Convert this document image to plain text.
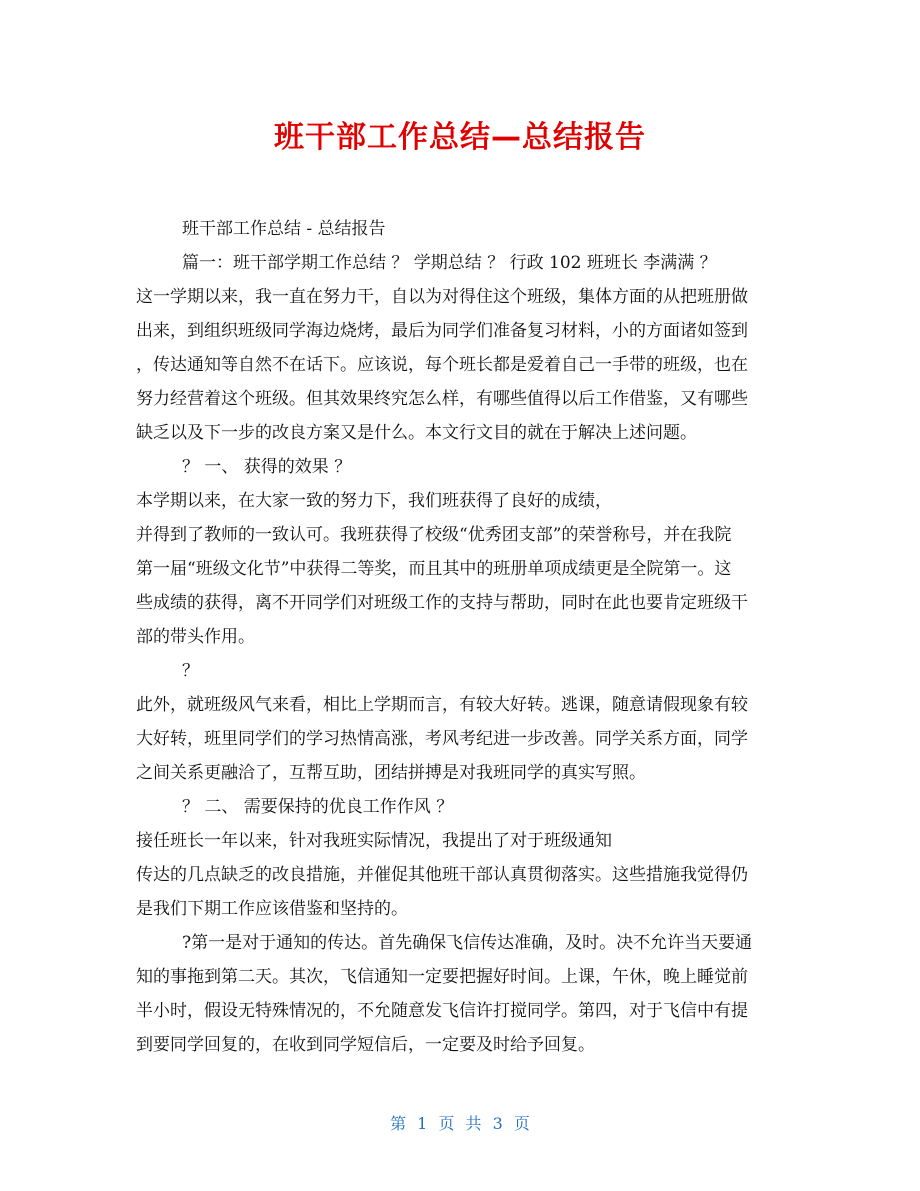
班干部工作总结—总结报告
班干部工作总结 - 总结报告
篇一：班干部学期工作总结 ？ 学期总结 ？ 行政 102 班班长 李满满 ？
这一学期以来，我一直在努力干，自以为对得住这个班级，集体方面的从把班册做
出来，到组织班级同学海边烧烤，最后为同学们准备复习材料，小的方面诸如签到
，传达通知等自然不在话下。应该说，每个班长都是爱着自己一手带的班级，也在
努力经营着这个班级。但其效果终究怎么样，有哪些值得以后工作借鉴，又有哪些
缺乏以及下一步的改良方案又是什么。本文行文目的就在于解决上述问题。
？ 一、 获得的效果 ？
本学期以来，在大家一致的努力下，我们班获得了良好的成绩，
并得到了教师的一致认可。我班获得了校级“优秀团支部”的荣誉称号，并在我院
第一届“班级文化节”中获得二等奖，而且其中的班册单项成绩更是全院第一。这
些成绩的获得，离不开同学们对班级工作的支持与帮助，同时在此也要肯定班级干
部的带头作用。
？
此外，就班级风气来看，相比上学期而言，有较大好转。逃课，随意请假现象有较
大好转，班里同学们的学习热情高涨，考风考纪进一步改善。同学关系方面，同学
之间关系更融洽了，互帮互助，团结拼搏是对我班同学的真实写照。
？ 二、 需要保持的优良工作作风 ？
接任班长一年以来，针对我班实际情况，我提出了对于班级通知
传达的几点缺乏的改良措施，并催促其他班干部认真贯彻落实。这些措施我觉得仍
是我们下期工作应该借鉴和坚持的。
?第一是对于通知的传达。首先确保飞信传达准确，及时。决不允许当天要通
知的事拖到第二天。其次，飞信通知一定要把握好时间。上课，午休，晚上睡觉前
半小时，假设无特殊情况的，不允随意发飞信许打搅同学。第四，对于飞信中有提
到要同学回复的，在收到同学短信后，一定要及时给予回复。
第 1 页 共 3 页
